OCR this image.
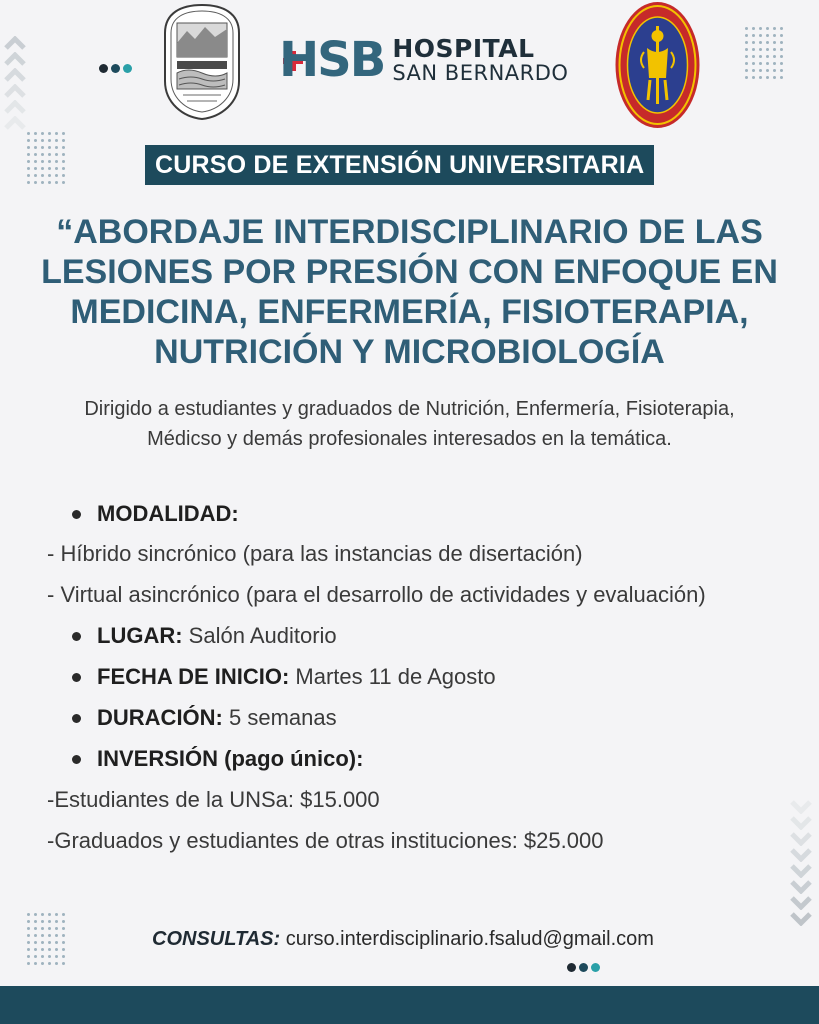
HSB HOSPITAL
SAN BERNARDO
CURSO DE EXTENSIÓN UNIVERSITARIA
“ABORDAJE INTERDISCIPLINARIO DE LAS
LESIONES POR PRESIÓN CON ENFOQUE EN
MEDICINA, ENFERMERÍA, FISIOTERAPIA,
NUTRICIÓN Y MICROBIOLOGÍA
Dirigido a estudiantes y graduados de Nutrición, Enfermería, Fisioterapia,
Médicso y demás profesionales interesados en la temática.
MODALIDAD:
- Híbrido sincrónico (para las instancias de disertación)
- Virtual asincrónico (para el desarrollo de actividades y evaluación)
LUGAR: Salón Auditorio
FECHA DE INICIO: Martes 11 de Agosto
DURACIÓN: 5 semanas
INVERSIÓN (pago único):
-Estudiantes de la UNSa: $15.000
-Graduados y estudiantes de otras instituciones: $25.000
CONSULTAS: curso.interdisciplinario.fsalud@gmail.com
